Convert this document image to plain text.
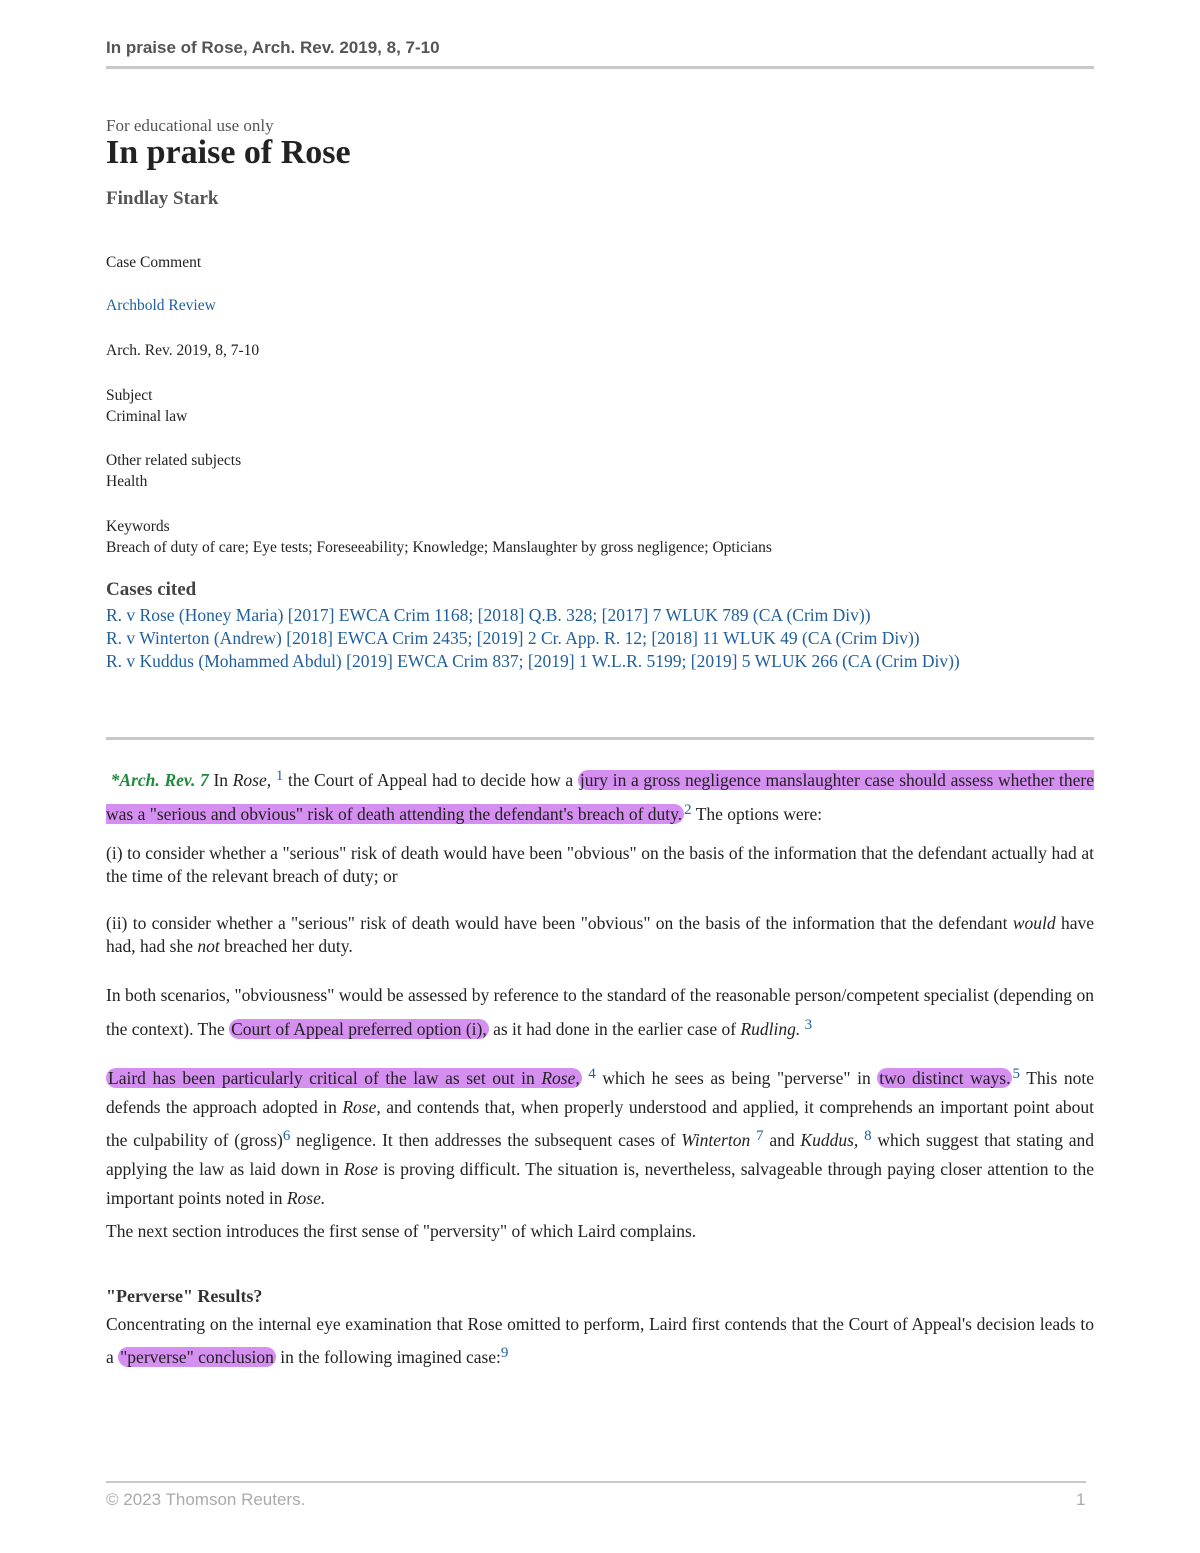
In praise of Rose, Arch. Rev. 2019, 8, 7-10
For educational use only
In praise of Rose
Findlay Stark
Case Comment
Archbold Review
Arch. Rev. 2019, 8, 7-10
Subject
Criminal law
Other related subjects
Health
Keywords
Breach of duty of care; Eye tests; Foreseeability; Knowledge; Manslaughter by gross negligence; Opticians
Cases cited
R. v Rose (Honey Maria) [2017] EWCA Crim 1168; [2018] Q.B. 328; [2017] 7 WLUK 789 (CA (Crim Div))
R. v Winterton (Andrew) [2018] EWCA Crim 2435; [2019] 2 Cr. App. R. 12; [2018] 11 WLUK 49 (CA (Crim Div))
R. v Kuddus (Mohammed Abdul) [2019] EWCA Crim 837; [2019] 1 W.L.R. 5199; [2019] 5 WLUK 266 (CA (Crim Div))
*Arch. Rev. 7 In Rose, 1 the Court of Appeal had to decide how a jury in a gross negligence manslaughter case should assess whether there was a "serious and obvious" risk of death attending the defendant's breach of duty. 2 The options were:
(i) to consider whether a "serious" risk of death would have been "obvious" on the basis of the information that the defendant actually had at the time of the relevant breach of duty; or
(ii) to consider whether a "serious" risk of death would have been "obvious" on the basis of the information that the defendant would have had, had she not breached her duty.
In both scenarios, "obviousness" would be assessed by reference to the standard of the reasonable person/competent specialist (depending on the context). The Court of Appeal preferred option (i), as it had done in the earlier case of Rudling. 3
Laird has been particularly critical of the law as set out in Rose, 4 which he sees as being "perverse" in two distinct ways. 5 This note defends the approach adopted in Rose, and contends that, when properly understood and applied, it comprehends an important point about the culpability of (gross)6 negligence. It then addresses the subsequent cases of Winterton 7 and Kuddus, 8 which suggest that stating and applying the law as laid down in Rose is proving difficult. The situation is, nevertheless, salvageable through paying closer attention to the important points noted in Rose.
The next section introduces the first sense of "perversity" of which Laird complains.
"Perverse" Results?
Concentrating on the internal eye examination that Rose omitted to perform, Laird first contends that the Court of Appeal's decision leads to a "perverse" conclusion in the following imagined case:9
© 2023 Thomson Reuters.	1
